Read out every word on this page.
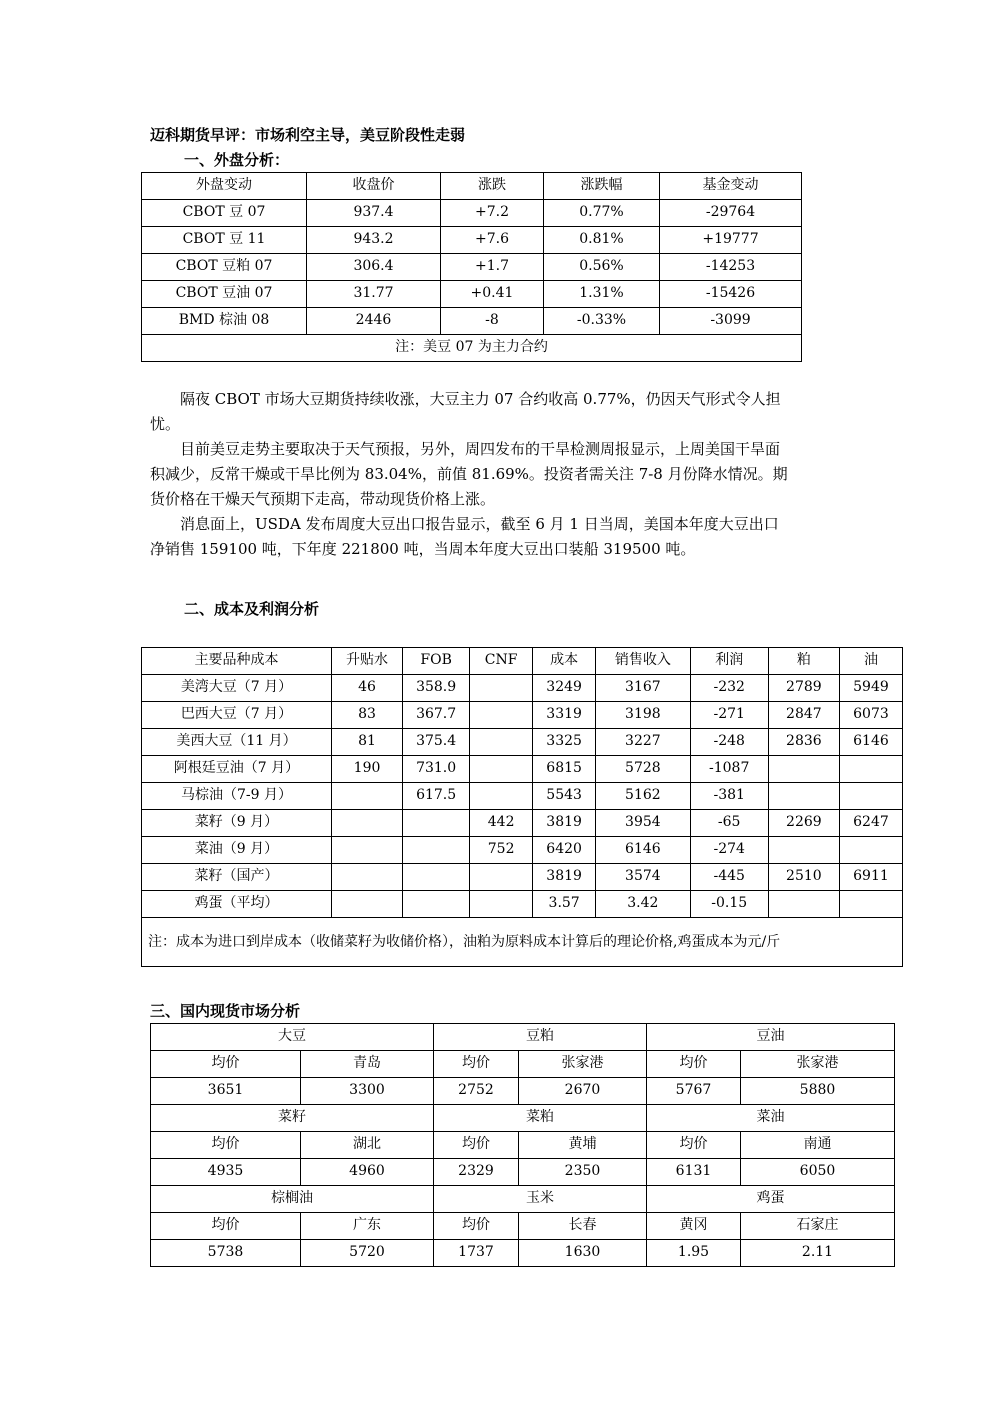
迈科期货早评：市场利空主导，美豆阶段性走弱
一、外盘分析：
外盘变动	收盘价	涨跌	涨跌幅	基金变动
CBOT 豆 07	937.4	+7.2	0.77%	-29764
CBOT 豆 11	943.2	+7.6	0.81%	+19777
CBOT 豆粕 07	306.4	+1.7	0.56%	-14253
CBOT 豆油 07	31.77	+0.41	1.31%	-15426
BMD 棕油 08	2446	-8	-0.33%	-3099
注：美豆 07 为主力合约				

隔夜 CBOT 市场大豆期货持续收涨，大豆主力 07 合约收高 0.77%，仍因天气形式令人担忧。

目前美豆走势主要取决于天气预报，另外，周四发布的干旱检测周报显示，上周美国干旱面积减少，反常干燥或干旱比例为 83.04%，前值 81.69%。投资者需关注 7-8 月份降水情况。期货价格在干燥天气预期下走高，带动现货价格上涨。

消息面上，USDA 发布周度大豆出口报告显示，截至 6 月 1 日当周，美国本年度大豆出口净销售 159100 吨，下年度 221800 吨，当周本年度大豆出口装船 319500 吨。

二、成本及利润分析
主要品种成本	升贴水	FOB	CNF	成本	销售收入	利润	粕	油
美湾大豆（7 月）	46	358.9		3249	3167	-232	2789	5949
巴西大豆（7 月）	83	367.7		3319	3198	-271	2847	6073
美西大豆（11 月）	81	375.4		3325	3227	-248	2836	6146
阿根廷豆油（7 月）	190	731.0		6815	5728	-1087		
马棕油（7-9 月）		617.5		5543	5162	-381		
菜籽（9 月）			442	3819	3954	-65	2269	6247
菜油（9 月）			752	6420	6146	-274		
菜籽（国产）				3819	3574	-445	2510	6911
鸡蛋（平均）				3.57	3.42	-0.15		
注：成本为进口到岸成本（收储菜籽为收储价格），油粕为原料成本计算后的理论价格,鸡蛋成本为元/斤								
三、国内现货市场分析
大豆		豆粕		豆油	
均价	青岛	均价	张家港	均价	张家港
3651	3300	2752	2670	5767	5880
菜籽		菜粕		菜油	
均价	湖北	均价	黄埔	均价	南通
4935	4960	2329	2350	6131	6050
棕榈油		玉米		鸡蛋	
均价	广东	均价	长春	黄冈	石家庄
5738	5720	1737	1630	1.95	2.11
